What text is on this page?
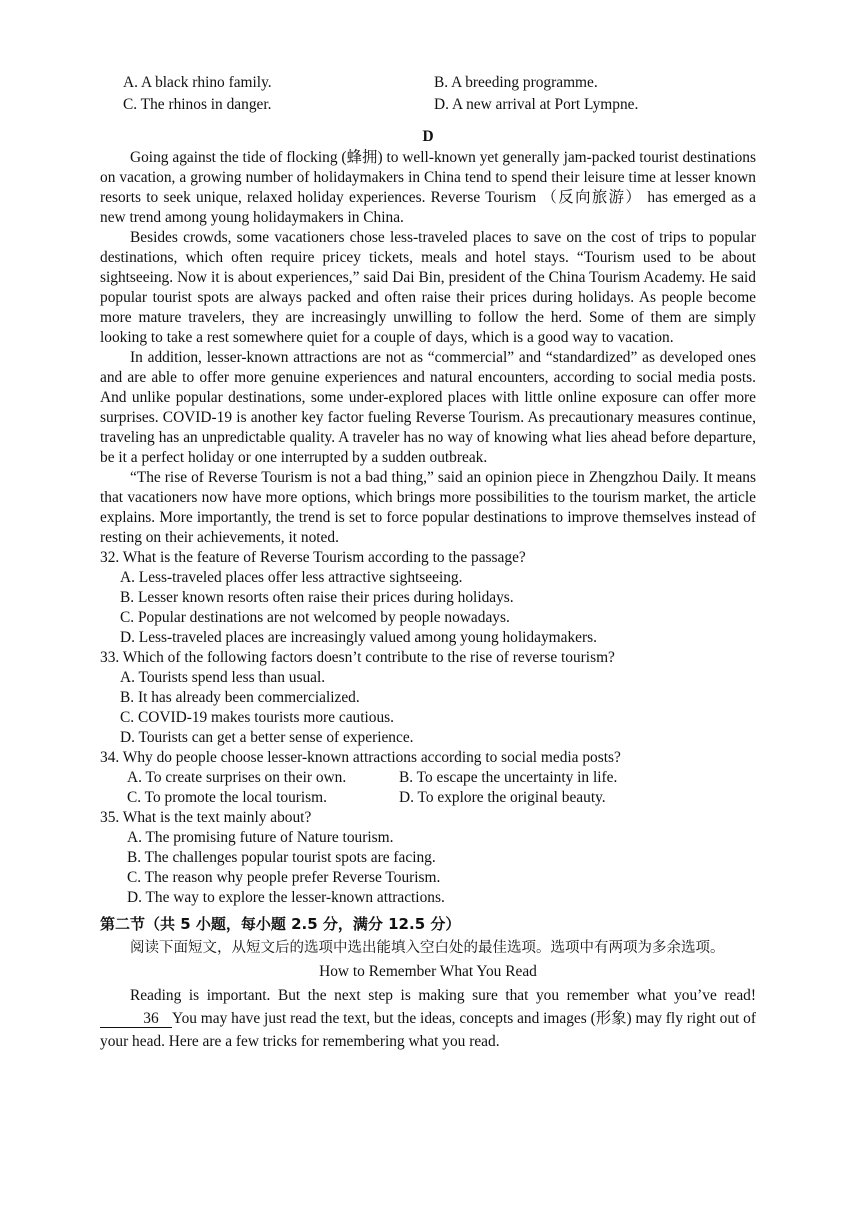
A. A black rhino family.	B. A breeding programme.
C. The rhinos in danger.	D. A new arrival at Port Lympne.
D

Going against the tide of flocking (蜂拥) to well-known yet generally jam-packed tourist destinations on vacation, a growing number of holidaymakers in China tend to spend their leisure time at lesser known resorts to seek unique, relaxed holiday experiences. Reverse Tourism （反向旅游） has emerged as a new trend among young holidaymakers in China.

Besides crowds, some vacationers chose less-traveled places to save on the cost of trips to popular destinations, which often require pricey tickets, meals and hotel stays. “Tourism used to be about sightseeing. Now it is about experiences,” said Dai Bin, president of the China Tourism Academy. He said popular tourist spots are always packed and often raise their prices during holidays. As people become more mature travelers, they are increasingly unwilling to follow the herd. Some of them are simply looking to take a rest somewhere quiet for a couple of days, which is a good way to vacation.

In addition, lesser-known attractions are not as “commercial” and “standardized” as developed ones and are able to offer more genuine experiences and natural encounters, according to social media posts. And unlike popular destinations, some under-explored places with little online exposure can offer more surprises. COVID-19 is another key factor fueling Reverse Tourism. As precautionary measures continue, traveling has an unpredictable quality. A traveler has no way of knowing what lies ahead before departure, be it a perfect holiday or one interrupted by a sudden outbreak.

“The rise of Reverse Tourism is not a bad thing,” said an opinion piece in Zhengzhou Daily. It means that vacationers now have more options, which brings more possibilities to the tourism market, the article explains. More importantly, the trend is set to force popular destinations to improve themselves instead of resting on their achievements, it noted.

32. What is the feature of Reverse Tourism according to the passage?

A. Less-traveled places offer less attractive sightseeing.

B. Lesser known resorts often raise their prices during holidays.

C. Popular destinations are not welcomed by people nowadays.

D. Less-traveled places are increasingly valued among young holidaymakers.

33. Which of the following factors doesn’t contribute to the rise of reverse tourism?

A. Tourists spend less than usual.

B. It has already been commercialized.

C. COVID-19 makes tourists more cautious.

D. Tourists can get a better sense of experience.

34. Why do people choose lesser-known attractions according to social media posts?

A. To create surprises on their own.	B. To escape the uncertainty in life.
C. To promote the local tourism.	D. To explore the original beauty.

35. What is the text mainly about?

A. The promising future of Nature tourism.

B. The challenges popular tourist spots are facing.

C. The reason why people prefer Reverse Tourism.

D. The way to explore the lesser-known attractions.

第二节（共 5 小题，每小题 2.5 分，满分 12.5 分）

阅读下面短文，从短文后的选项中选出能填入空白处的最佳选项。选项中有两项为多余选项。

How to Remember What You Read

Reading is important. But the next step is making sure that you remember what you’ve read! 36 You may have just read the text, but the ideas, concepts and images (形象) may fly right out of your head. Here are a few tricks for remembering what you read.
